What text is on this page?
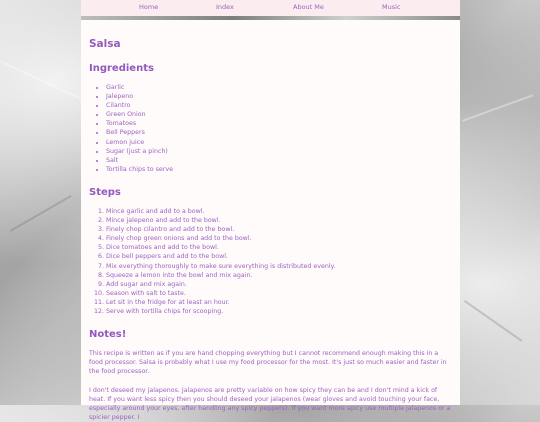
Home	Index	About Me	Music
Salsa
Ingredients
• Garlic
• Jalepeno
• Cilantro
• Green Onion
• Tomatoes
• Bell Peppers
• Lemon juice
• Sugar (just a pinch)
• Salt
• Tortilla chips to serve
Steps
1. Mince garlic and add to a bowl.
2. Mince jalepeno and add to the bowl.
3. Finely chop cilantro and add to the bowl.
4. Finely chop green onions and add to the bowl.
5. Dice tomatoes and add to the bowl.
6. Dice bell peppers and add to the bowl.
7. Mix everything thoroughly to make sure everything is distributed evenly.
8. Squeeze a lemon into the bowl and mix again.
9. Add sugar and mix again.
10. Season with salt to taste.
11. Let sit in the fridge for at least an hour.
12. Serve with tortilla chips for scooping.
Notes!

This recipe is written as if you are hand chopping everything but I cannot recommend enough making this in a food processor. Salsa is probably what I use my food processor for the most. It's just so much easier and faster in the food processor.

I don't deseed my jalapenos. Jalapenos are pretty variable on how spicy they can be and I don't mind a kick of heat. If you want less spicy then you should deseed your jalapenos (wear gloves and avoid touching your face, especially around your eyes, after handling any spicy peppers). If you want more spicy use multiple jalapenos or a spicier pepper. I
